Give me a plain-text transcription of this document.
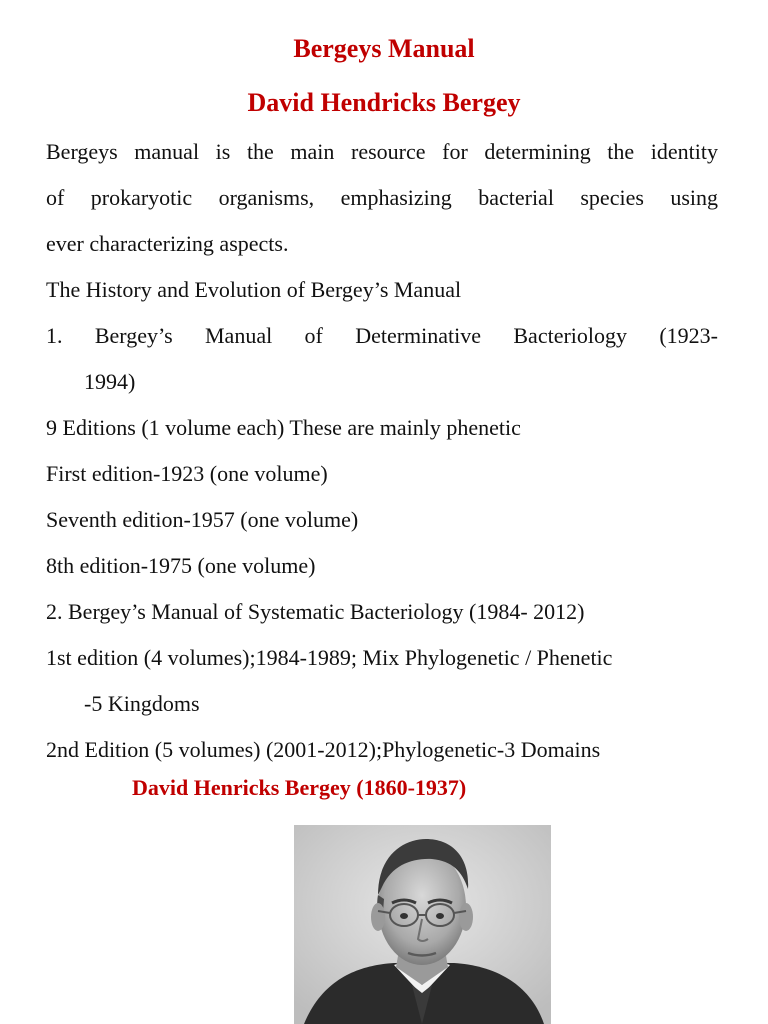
Bergeys Manual
David Hendricks Bergey
Bergeys manual is the main resource for determining the identity
of prokaryotic organisms, emphasizing bacterial species using
ever characterizing aspects.
The History and Evolution of Bergey’s Manual
1. Bergey’s Manual of Determinative Bacteriology (1923-
1994)
9 Editions (1 volume each) These are mainly phenetic
First edition-1923 (one volume)
Seventh edition-1957 (one volume)
8th edition-1975 (one volume)
2. Bergey’s Manual of Systematic Bacteriology (1984- 2012)
1st edition (4 volumes);1984-1989; Mix Phylogenetic / Phenetic
-5 Kingdoms
2nd Edition (5 volumes) (2001-2012);Phylogenetic-3 Domains
David Henricks Bergey (1860-1937)
